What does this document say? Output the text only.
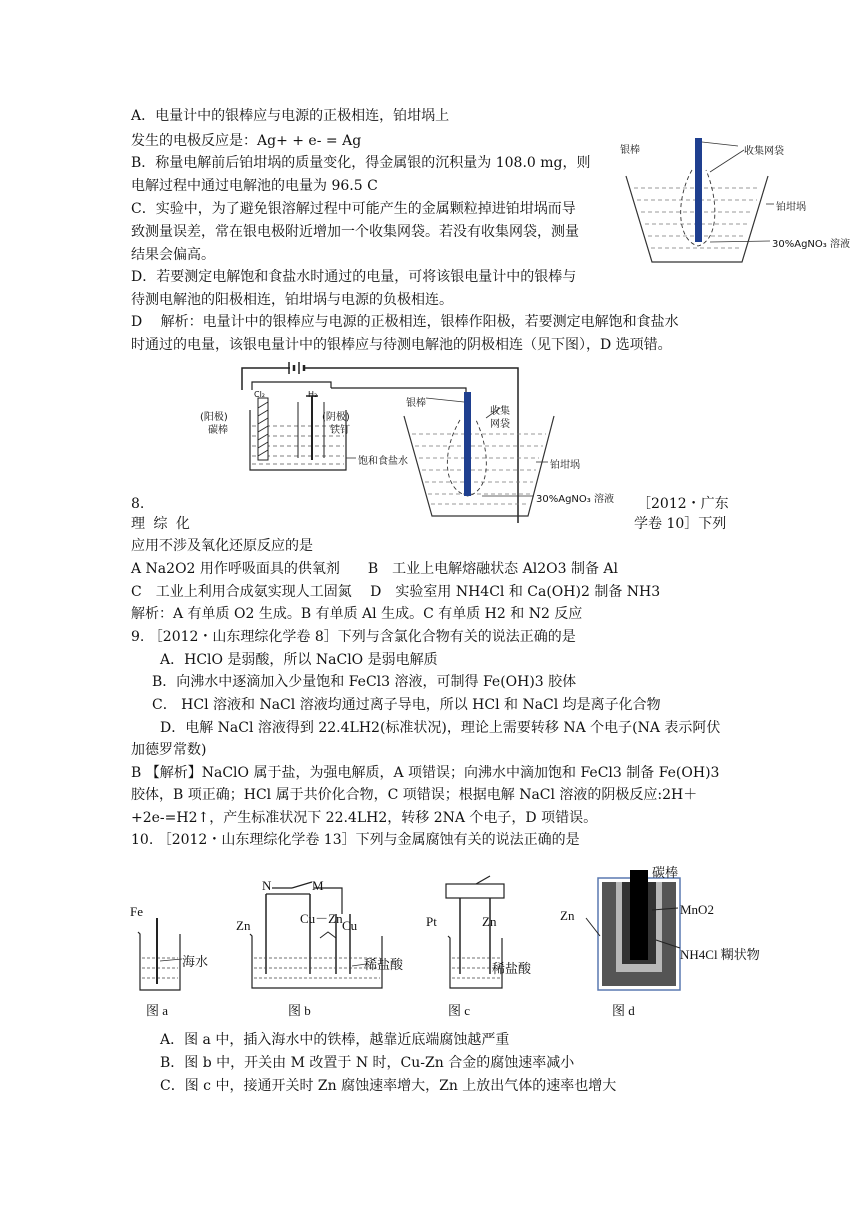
A．电量计中的银棒应与电源的正极相连，铂坩埚上
发生的电极反应是：Ag+ + e- = Ag
B．称量电解前后铂坩埚的质量变化，得金属银的沉积量为 108.0 mg，则
电解过程中通过电解池的电量为 96.5 C
C．实验中，为了避免银溶解过程中可能产生的金属颗粒掉进铂坩埚而导
致测量误差，常在银电极附近增加一个收集网袋。若没有收集网袋，测量
结果会偏高。
D．若要测定电解饱和食盐水时通过的电量，可将该银电量计中的银棒与
待测电解池的阳极相连，铂坩埚与电源的负极相连。
D　 解析：电量计中的银棒应与电源的正极相连，银棒作阳极，若要测定电解饱和食盐水
时通过的电量，该银电量计中的银棒应与待测电解池的阴极相连（见下图），D 选项错。
银棒	收集网袋
铂坩埚
30%AgNO₃ 溶液
Cl₂	H₂
(阳极)
碳棒
(阴极)
铁钉
饱和食盐水
银棒
收集
网袋
铂坩埚
30%AgNO₃ 溶液
8.	［2012・广东
理 综 化	学卷 10］下列
应用不涉及氧化还原反应的是
A Na2O2 用作呼吸面具的供氧剂　　B　工业上电解熔融状态 Al2O3 制备 Al
C　工业上利用合成氨实现人工固氮　 D　实验室用 NH4Cl 和 Ca(OH)2 制备 NH3
解析：A 有单质 O2 生成。B 有单质 Al 生成。C 有单质 H2 和 N2 反应
9. ［2012・山东理综化学卷 8］下列与含氯化合物有关的说法正确的是
A．HClO 是弱酸，所以 NaClO 是弱电解质
B．向沸水中逐滴加入少量饱和 FeCl3 溶液，可制得 Fe(OH)3 胶体
C． HCl 溶液和 NaCl 溶液均通过离子导电，所以 HCl 和 NaCl 均是离子化合物
D．电解 NaCl 溶液得到 22.4LH2(标准状况)，理论上需要转移 NA 个电子(NA 表示阿伏
加德罗常数)
B 【解析】NaClO 属于盐，为强电解质，A 项错误；向沸水中滴加饱和 FeCl3 制备 Fe(OH)3
胶体，B 项正确；HCl 属于共价化合物，C 项错误；根据电解 NaCl 溶液的阴极反应:2H＋
+2e-=H2↑，产生标准状况下 22.4LH2，转移 2NA 个电子，D 项错误。
10. ［2012・山东理综化学卷 13］下列与金属腐蚀有关的说法正确的是
Fe
海水
图 a
N	M
Cu－Zn
Zn	Cu
稀盐酸
图 b
Pt	Zn
稀盐酸
图 c
碳棒
MnO2
Zn
NH4Cl 糊状物
图 d
A．图 a 中，插入海水中的铁棒，越靠近底端腐蚀越严重
B．图 b 中，开关由 M 改置于 N 时，Cu-Zn 合金的腐蚀速率减小
C．图 c 中，接通开关时 Zn 腐蚀速率增大，Zn 上放出气体的速率也增大
